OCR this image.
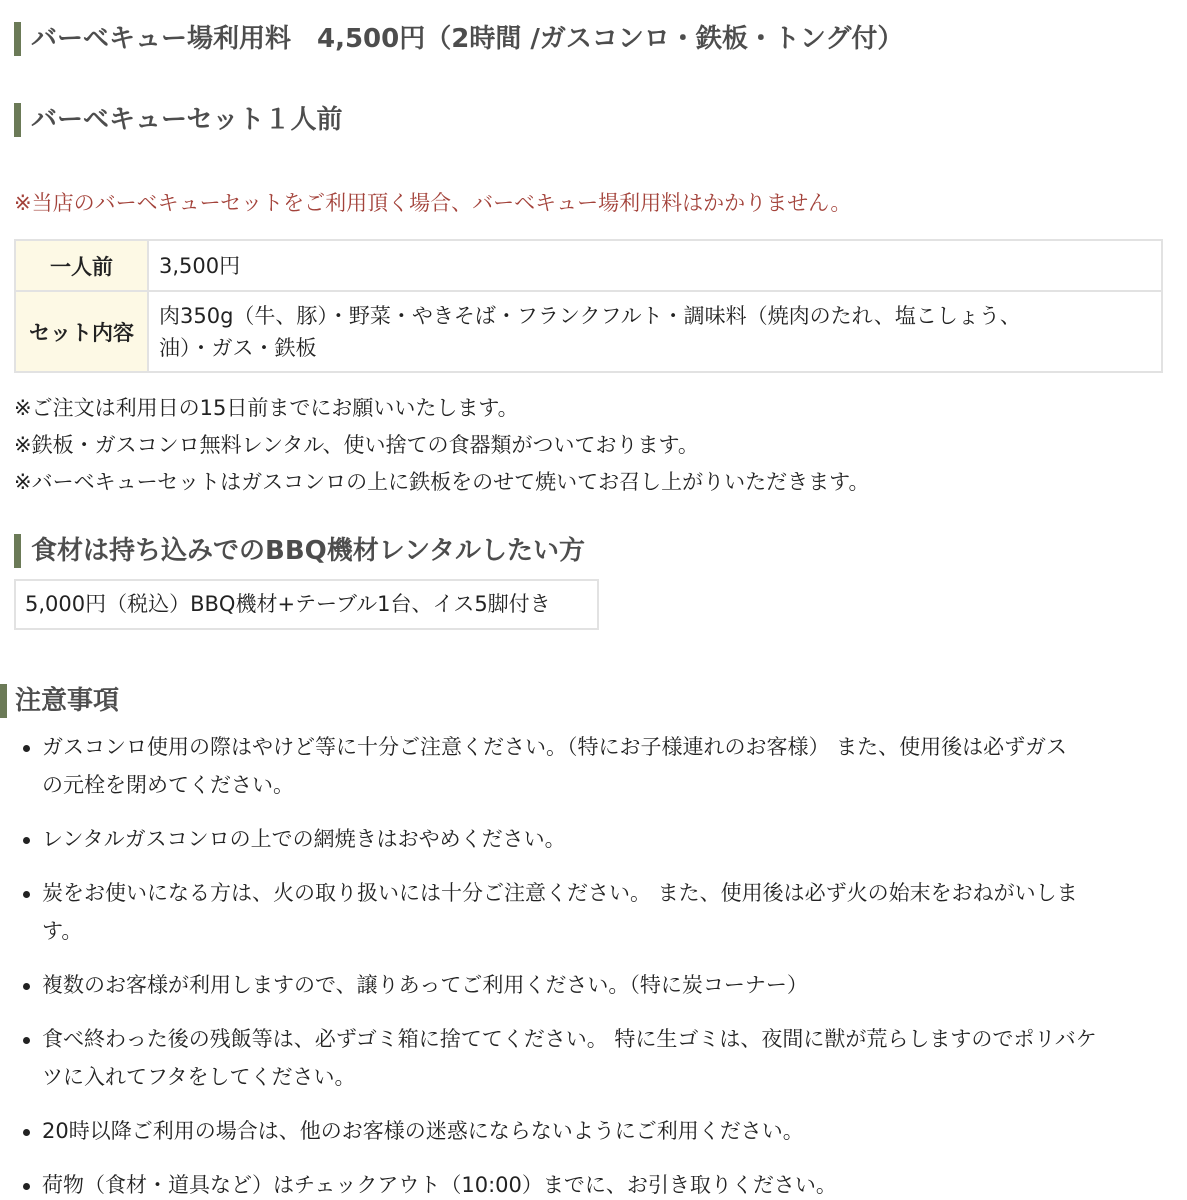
バーベキュー場利用料　4,500円（2時間 /ガスコンロ・鉄板・トング付）
バーベキューセット１人前

※当店のバーベキューセットをご利用頂く場合、バーベキュー場利用料はかかりません。

一人前	3,500円
セット内容	肉350g（牛、豚）・野菜・やきそば・フランクフルト・調味料（焼肉のたれ、塩こしょう、
油）・ガス・鉄板
※ご注文は利用日の15日前までにお願いいたします。
※鉄板・ガスコンロ無料レンタル、使い捨ての食器類がついております。
※バーベキューセットはガスコンロの上に鉄板をのせて焼いてお召し上がりいただきます。
食材は持ち込みでのBBQ機材レンタルしたい方
5,000円（税込）BBQ機材+テーブル1台、イス5脚付き
注意事項
ガスコンロ使用の際はやけど等に十分ご注意ください。（特にお子様連れのお客様） また、使用後は必ずガス
の元栓を閉めてください。
レンタルガスコンロの上での網焼きはおやめください。
炭をお使いになる方は、火の取り扱いには十分ご注意ください。 また、使用後は必ず火の始末をおねがいしま
す。
複数のお客様が利用しますので、譲りあってご利用ください。（特に炭コーナー）
食べ終わった後の残飯等は、必ずゴミ箱に捨ててください。 特に生ゴミは、夜間に獣が荒らしますのでポリバケ
ツに入れてフタをしてください。
20時以降ご利用の場合は、他のお客様の迷惑にならないようにご利用ください。
荷物（食材・道具など）はチェックアウト（10:00）までに、お引き取りください。
